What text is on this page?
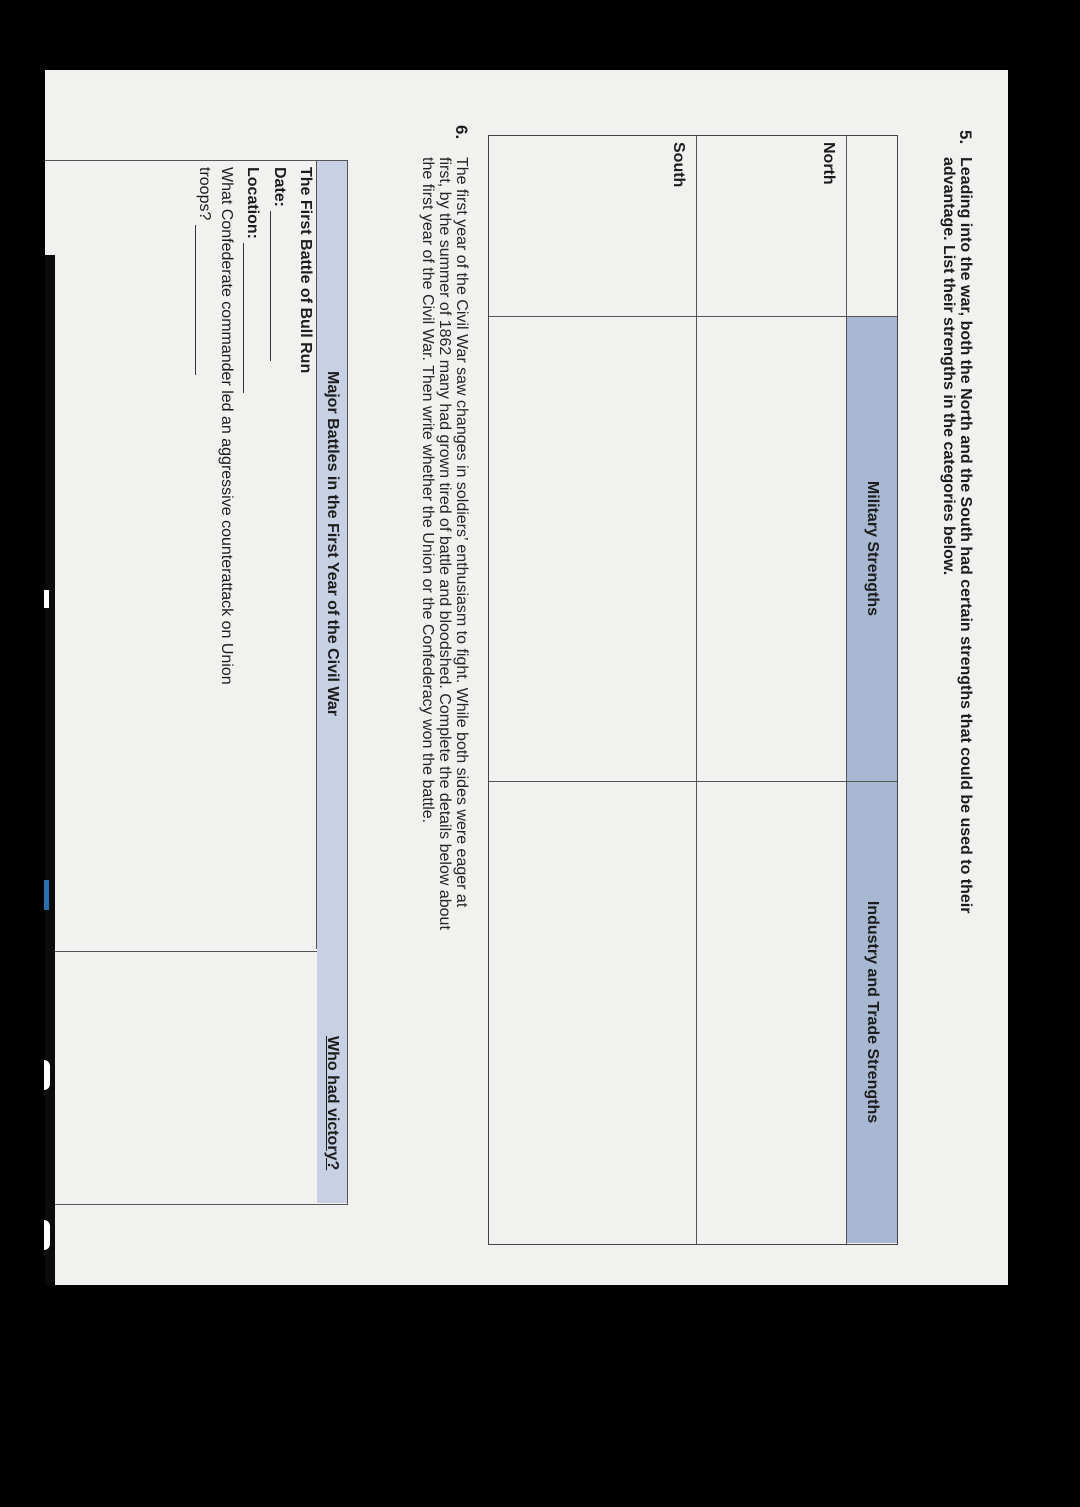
5.
Leading into the war, both the North and the South had certain strengths that could be used to their
advantage. List their strengths in the categories below.
Military Strengths
Industry and Trade Strengths
North
South
6.
The first year of the Civil War saw changes in soldiers’ enthusiasm to fight. While both sides were eager at
first, by the summer of 1862 many had grown tired of battle and bloodshed. Complete the details below about
the first year of the Civil War. Then write whether the Union or the Confederacy won the battle.
Major Battles in the First Year of the Civil War
Who had victory?
The First Battle of Bull Run
Date:
Location:
What Confederate commander led an aggressive counterattack on Union
troops?
